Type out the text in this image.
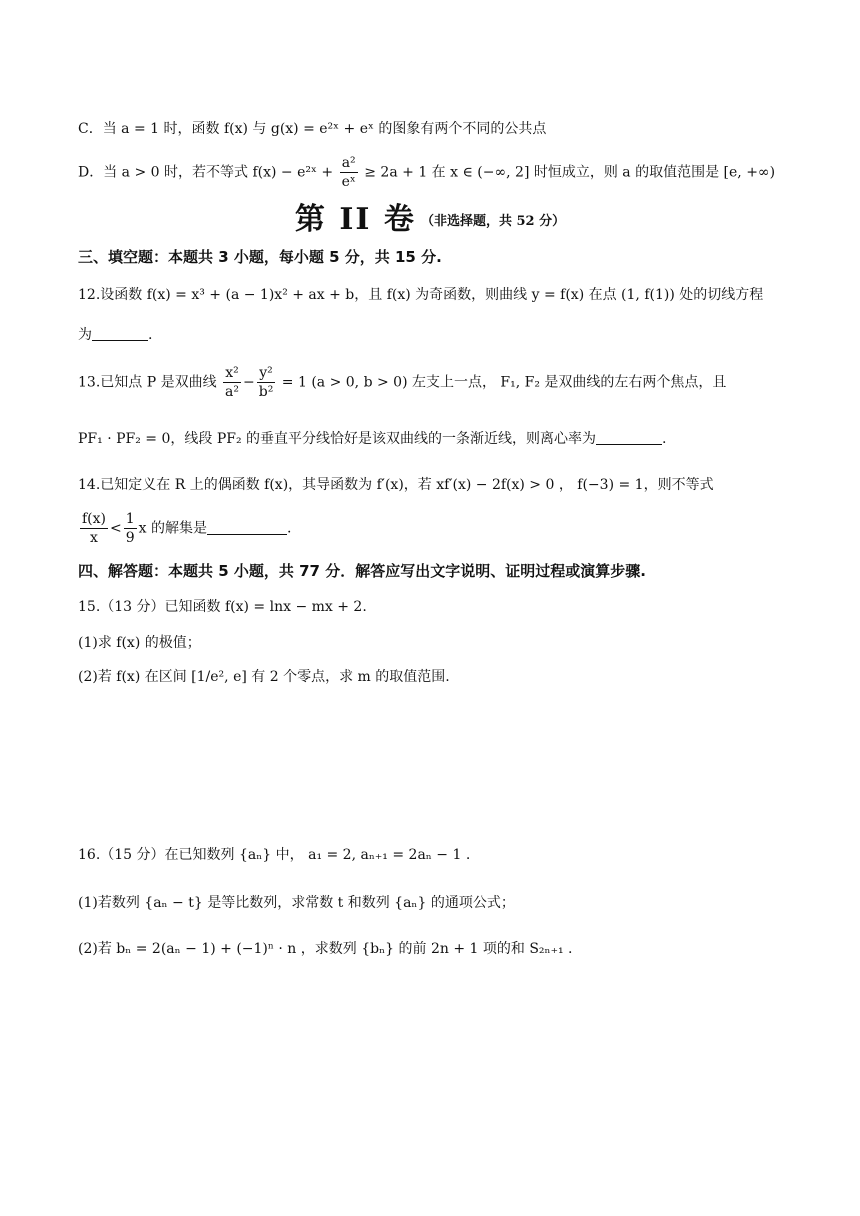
C．当 a = 1 时，函数 f(x) 与 g(x) = e²ˣ + eˣ 的图象有两个不同的公共点
D．当 a > 0 时，若不等式 f(x) − e²ˣ + $\frac{\text{a²}}{\text{eˣ}} \ge 2a + 1$ 在 x ∈ (−∞, 2] 时恒成立，则 a 的取值范围是 [e, +∞)
第 II 卷 $^{(非选择题,共 52 分)}$
三、填空题：本题共 3 小题，每小题 5 分，共 15 分.
12.设函数 f(x) = x³ + (a − 1)x² + ax + b，且 f(x) 为奇函数，则曲线 y = f(x) 在点 (1, f(1)) 处的切线方程
为	.
13.已知点 P 是双曲线 $\frac{\text{x²}}{\text{a²}} - \frac{\text{y²}}{\text{b²}} = 1$ (a > 0, b > 0) 左支上一点， F₁, F₂ 是双曲线的左右两个焦点，且
PF₁ · PF₂ = 0，线段 PF₂ 的垂直平分线恰好是该双曲线的一条渐近线，则离心率为	.
14.已知定义在 R 上的偶函数 f(x)，其导函数为 f′(x)，若 xf′(x) − 2f(x) > 0 ， f(−3) = 1，则不等式
$\frac{f(x)}{x} < \frac{1}{9}$ x 的解集是	.
四、解答题：本题共 5 小题，共 77 分．解答应写出文字说明、证明过程或演算步骤.
15.（13 分）已知函数 f(x) = lnx − mx + 2.
(1)求 f(x) 的极值；
(2)若 f(x) 在区间 [1/e², e] 有 2 个零点，求 m 的取值范围.
16.（15 分）在已知数列 {aₙ} 中， a₁ = 2, aₙ₊₁ = 2aₙ − 1 .
(1)若数列 {aₙ − t} 是等比数列，求常数 t 和数列 {aₙ} 的通项公式；
(2)若 bₙ = 2(aₙ − 1) + (−1)ⁿ · n ，求数列 {bₙ} 的前 2n + 1 项的和 S₂ₙ₊₁ .
